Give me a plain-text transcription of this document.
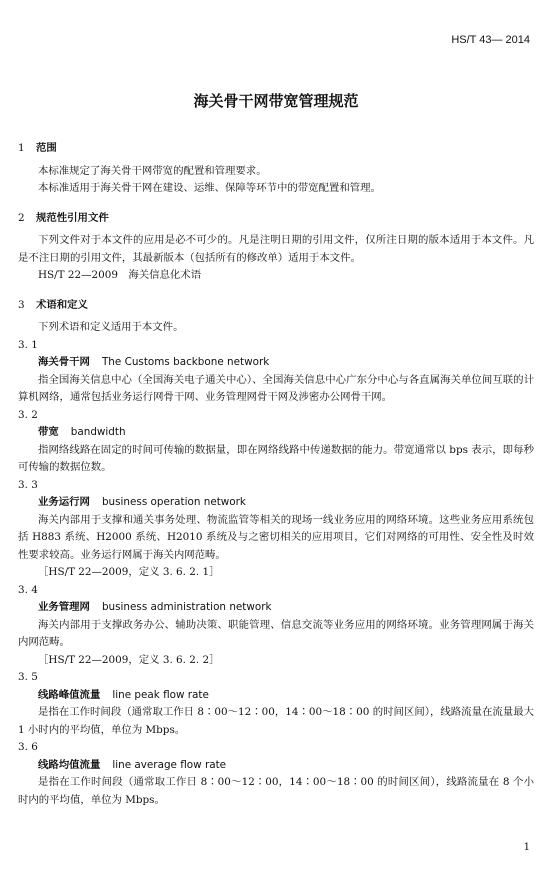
HS/T 43— 2014
海关骨干网带宽管理规范
1 范围
本标准规定了海关骨干网带宽的配置和管理要求。
本标准适用于海关骨干网在建设、运维、保障等环节中的带宽配置和管理。
2 规范性引用文件
下列文件对于本文件的应用是必不可少的。凡是注明日期的引用文件，仅所注日期的版本适用于本文件。凡是不注日期的引用文件，其最新版本（包括所有的修改单）适用于本文件。
HS/T 22—2009　海关信息化术语
3 术语和定义
下列术语和定义适用于本文件。
3. 1
海关骨干网 The Customs backbone network
指全国海关信息中心（全国海关电子通关中心）、全国海关信息中心广东分中心与各直属海关单位间互联的计算机网络，通常包括业务运行网骨干网、业务管理网骨干网及涉密办公网骨干网。
3. 2
带宽 bandwidth
指网络线路在固定的时间可传输的数据量，即在网络线路中传递数据的能力。带宽通常以 bps 表示，即每秒可传输的数据位数。
3. 3
业务运行网 business operation network
海关内部用于支撑和通关事务处理、物流监管等相关的现场一线业务应用的网络环境。这些业务应用系统包括 H883 系统、H2000 系统、H2010 系统及与之密切相关的应用项目，它们对网络的可用性、安全性及时效性要求较高。业务运行网属于海关内网范畴。
［HS/T 22—2009，定义 3. 6. 2. 1］
3. 4
业务管理网 business administration network
海关内部用于支撑政务办公、辅助决策、职能管理、信息交流等业务应用的网络环境。业务管理网属于海关内网范畴。
［HS/T 22—2009，定义 3. 6. 2. 2］
3. 5
线路峰值流量 line peak flow rate
是指在工作时间段（通常取工作日 8∶00～12∶00，14∶00～18∶00 的时间区间），线路流量在流量最大 1 小时内的平均值，单位为 Mbps。
3. 6
线路均值流量 line average flow rate
是指在工作时间段（通常取工作日 8∶00～12∶00，14∶00～18∶00 的时间区间），线路流量在 8 个小时内的平均值，单位为 Mbps。
1
